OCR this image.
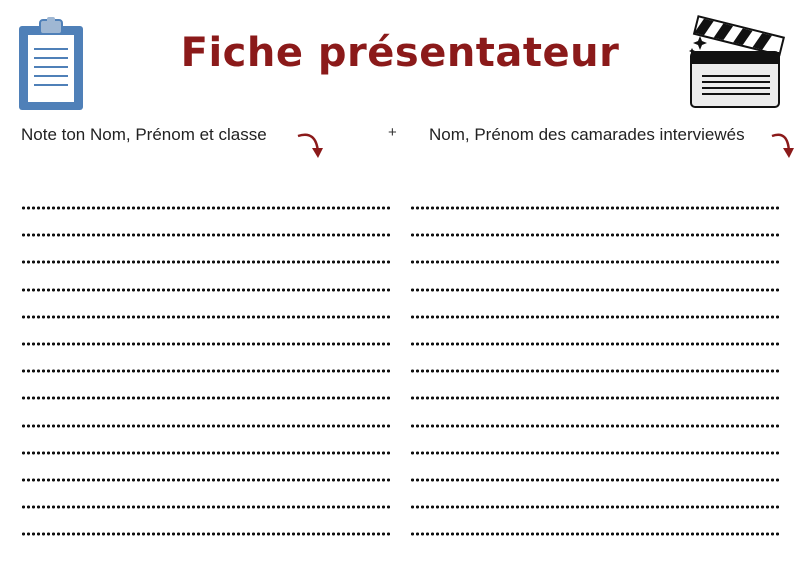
Fiche présentateur
Note ton Nom, Prénom et classe	+ Nom, Prénom des camarades interviewés
